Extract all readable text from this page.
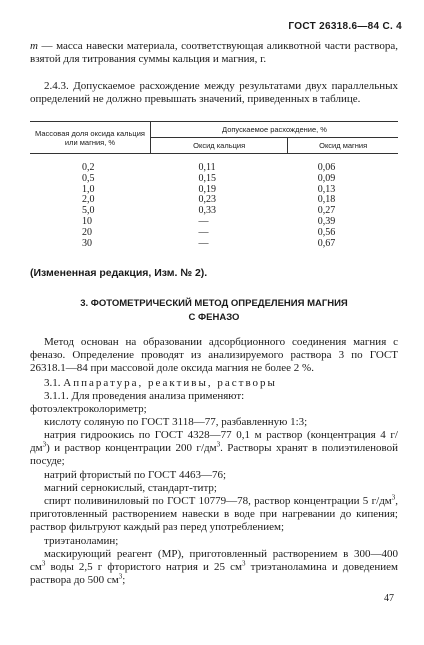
ГОСТ 26318.6—84 С. 4
m — масса навески материала, соответствующая аликвотной части раствора, взятой для титрования суммы кальция и магния, г.
2.4.3. Допускаемое расхождение между результатами двух параллельных определений не должно превышать значений, приведенных в таблице.
Массовая доля оксида кальция или магния, %	Допускаемое расхождение, %	
	Оксид кальция	Оксид магния
0,2	0,11	0,06
0,5	0,15	0,09
1,0	0,19	0,13
2,0	0,23	0,18
5,0	0,33	0,27
10	—	0,39
20	—	0,56
30	—	0,67
(Измененная редакция, Изм. № 2).
3. ФОТОМЕТРИЧЕСКИЙ МЕТОД ОПРЕДЕЛЕНИЯ МАГНИЯ
С ФЕНАЗО
Метод основан на образовании адсорбционного соединения магния с феназо. Определение проводят из анализируемого раствора 3 по ГОСТ 26318.1—84 при массовой доле оксида магния не более 2 %.
3.1. Аппаратура, реактивы, растворы
3.1.1. Для проведения анализа применяют:
фотоэлектроколориметр;
кислоту соляную по ГОСТ 3118—77, разбавленную 1:3;
натрия гидроокись по ГОСТ 4328—77 0,1 м раствор (концентрация 4 $г/дм^3$) и раствор концентрации 200 $г/дм^3$. Растворы хранят в полиэтиленовой посуде;
натрий фтористый по ГОСТ 4463—76;
магний сернокислый, стандарт-титр;
спирт поливиниловый по ГОСТ 10779—78, раствор концентрации 5 $г/дм^3$, приготовленный растворением навески в воде при нагревании до кипения; раствор фильтруют каждый раз перед употреблением;
триэтаноламин;
маскирующий реагент (МР), приготовленный растворением в 300—400 $см^3$ воды 2,5 г фтористого натрия и 25 $см^3$ триэтаноламина и доведением раствора до 500 $см^3$;
47
